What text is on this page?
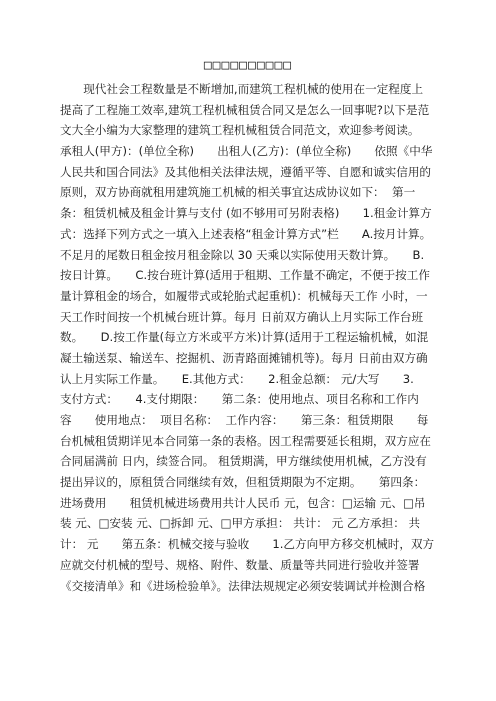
□□□□□□□□□□
　　现代社会工程数量是不断增加,而建筑工程机械的使用在一定程度上
提高了工程施工效率,建筑工程机械租赁合同又是怎么一回事呢?以下是范
文大全小编为大家整理的建筑工程机械租赁合同范文，欢迎参考阅读。
承租人(甲方)：(单位全称)　　出租人(乙方)：(单位全称)　　依照《中华
人民共和国合同法》及其他相关法律法规，遵循平等、自愿和诚实信用的
原则，双方协商就租用建筑施工机械的相关事宜达成协议如下：  第一
条：租赁机械及租金计算与支付 (如不够用可另附表格)　　1.租金计算方
式：选择下列方式之一填入上述表格“租金计算方式”栏　　A.按月计算。
不足月的尾数日租金按月租金除以 30 天乘以实际使用天数计算。　　B.
按日计算。　　C.按台班计算(适用于租期、工作量不确定，不便于按工作
量计算租金的场合，如履带式或轮胎式起重机)：机械每天工作 小时，一
天工作时间按一个机械台班计算。每月 日前双方确认上月实际工作台班
数。　　D.按工作量(每立方米或平方米)计算(适用于工程运输机械，如混
凝土输送泵、输送车、挖掘机、沥青路面摊铺机等)。每月 日前由双方确
认上月实际工作量。　　E.其他方式：　　2.租金总额： 元/大写　　3.
支付方式：　　4.支付期限：　　第二条：使用地点、项目名称和工作内
容　　使用地点：  项目名称：  工作内容：　　第三条：租赁期限　　每
台机械租赁期详见本合同第一条的表格。因工程需要延长租期，双方应在
合同届满前 日内，续签合同。 租赁期满，甲方继续使用机械，乙方没有
提出异议的，原租赁合同继续有效，但租赁期限为不定期。　　第四条：
进场费用　　租赁机械进场费用共计人民币 元，包含：□运输 元、□吊
装 元、□安装 元、□拆卸 元、□甲方承担： 共计： 元 乙方承担： 共
计： 元　　第五条：机械交接与验收　　1.乙方向甲方移交机械时，双方
应就交付机械的型号、规格、附件、数量、质量等共同进行验收并签署
《交接清单》和《进场检验单》。法律法规规定必须安装调试并检测合格
